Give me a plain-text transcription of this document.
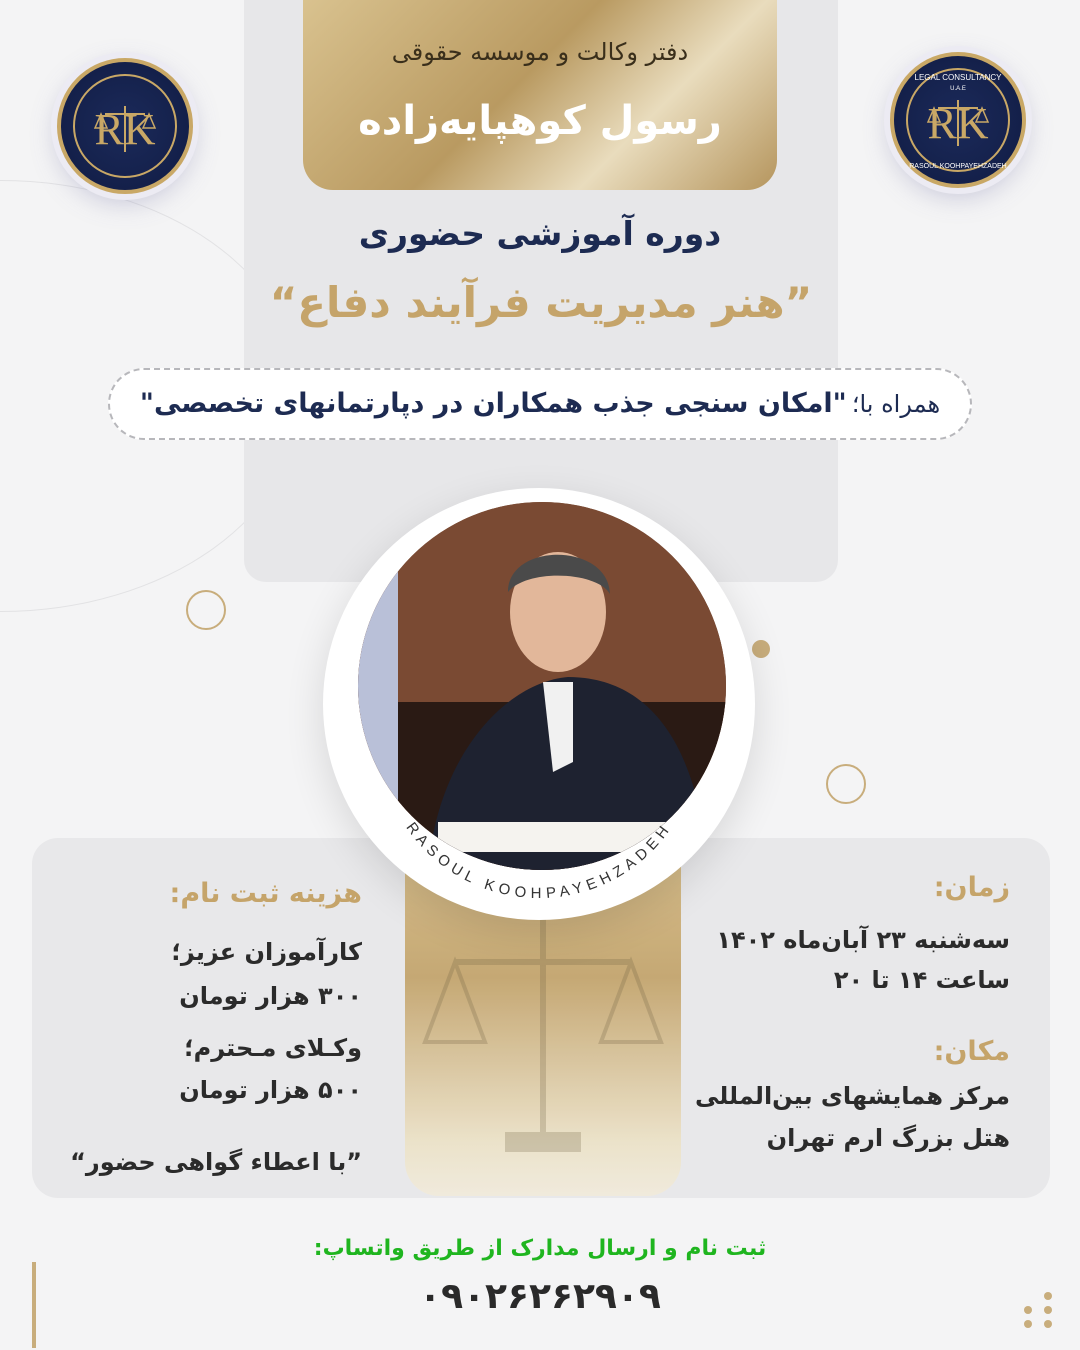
دفتر وکالت و موسسه حقوقی
رسول کوهپایه‌زاده
RK	RK
LEGAL CONSULTANCY
U.A.E
RASOUL KOOHPAYEHZADEH
دوره آموزشی حضوری
”هنر مدیریت فرآیند دفاع“
همراه با؛ "امکان سنجی جذب همکاران در دپارتمانهای تخصصی"
RASOUL KOOHPAYEHZADEH
زمان:
سه‌شنبه ۲۳ آبان‌ماه ۱۴۰۲
ساعت ۱۴ تا ۲۰
مکان:
مرکز همایشهای بین‌المللی
هتل بزرگ ارم تهران
هزینه ثبت نام:
کارآموزان عزیز؛
۳۰۰ هزار تومان
وکـلای مـحترم؛
۵۰۰ هزار تومان
”با اعطاء گواهی حضور“
ثبت نام و ارسال مدارک از طریق واتساپ:
۰۹۰۲۶۲۶۲۹۰۹
